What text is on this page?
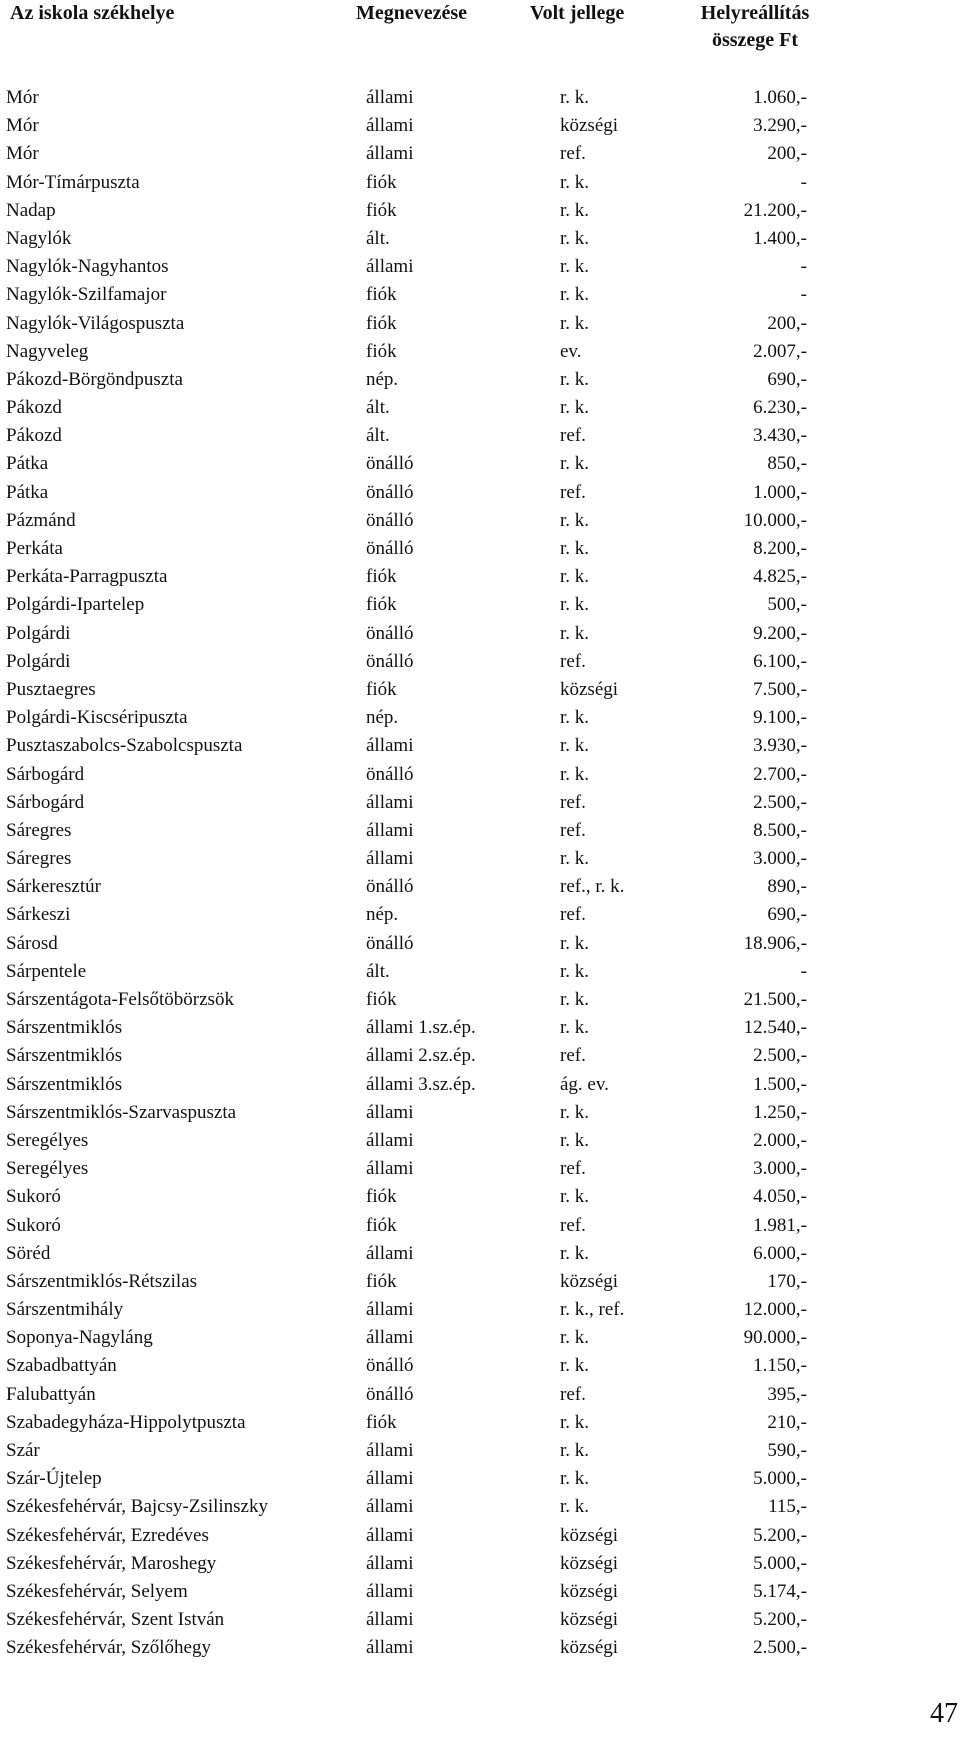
Az iskola székhelye	Megnevezése	Volt jellege	Helyreállítás
összege Ft
Mór	állami	r. k.	1.060,-
Mór	állami	községi	3.290,-
Mór	állami	ref.	200,-
Mór-Tímárpuszta	fiók	r. k.	-
Nadap	fiók	r. k.	21.200,-
Nagylók	ált.	r. k.	1.400,-
Nagylók-Nagyhantos	állami	r. k.	-
Nagylók-Szilfamajor	fiók	r. k.	-
Nagylók-Világospuszta	fiók	r. k.	200,-
Nagyveleg	fiók	ev.	2.007,-
Pákozd-Börgöndpuszta	nép.	r. k.	690,-
Pákozd	ált.	r. k.	6.230,-
Pákozd	ált.	ref.	3.430,-
Pátka	önálló	r. k.	850,-
Pátka	önálló	ref.	1.000,-
Pázmánd	önálló	r. k.	10.000,-
Perkáta	önálló	r. k.	8.200,-
Perkáta-Parragpuszta	fiók	r. k.	4.825,-
Polgárdi-Ipartelep	fiók	r. k.	500,-
Polgárdi	önálló	r. k.	9.200,-
Polgárdi	önálló	ref.	6.100,-
Pusztaegres	fiók	községi	7.500,-
Polgárdi-Kiscséripuszta	nép.	r. k.	9.100,-
Pusztaszabolcs-Szabolcspuszta	állami	r. k.	3.930,-
Sárbogárd	önálló	r. k.	2.700,-
Sárbogárd	állami	ref.	2.500,-
Sáregres	állami	ref.	8.500,-
Sáregres	állami	r. k.	3.000,-
Sárkeresztúr	önálló	ref., r. k.	890,-
Sárkeszi	nép.	ref.	690,-
Sárosd	önálló	r. k.	18.906,-
Sárpentele	ált.	r. k.	-
Sárszentágota-Felsőtöbörzsök	fiók	r. k.	21.500,-
Sárszentmiklós	állami 1.sz.ép.	r. k.	12.540,-
Sárszentmiklós	állami 2.sz.ép.	ref.	2.500,-
Sárszentmiklós	állami 3.sz.ép.	ág. ev.	1.500,-
Sárszentmiklós-Szarvaspuszta	állami	r. k.	1.250,-
Seregélyes	állami	r. k.	2.000,-
Seregélyes	állami	ref.	3.000,-
Sukoró	fiók	r. k.	4.050,-
Sukoró	fiók	ref.	1.981,-
Söréd	állami	r. k.	6.000,-
Sárszentmiklós-Rétszilas	fiók	községi	170,-
Sárszentmihály	állami	r. k., ref.	12.000,-
Soponya-Nagyláng	állami	r. k.	90.000,-
Szabadbattyán	önálló	r. k.	1.150,-
Falubattyán	önálló	ref.	395,-
Szabadegyháza-Hippolytpuszta	fiók	r. k.	210,-
Szár	állami	r. k.	590,-
Szár-Újtelep	állami	r. k.	5.000,-
Székesfehérvár, Bajcsy-Zsilinszky	állami	r. k.	115,-
Székesfehérvár, Ezredéves	állami	községi	5.200,-
Székesfehérvár, Maroshegy	állami	községi	5.000,-
Székesfehérvár, Selyem	állami	községi	5.174,-
Székesfehérvár, Szent István	állami	községi	5.200,-
Székesfehérvár, Szőlőhegy	állami	községi	2.500,-
47
